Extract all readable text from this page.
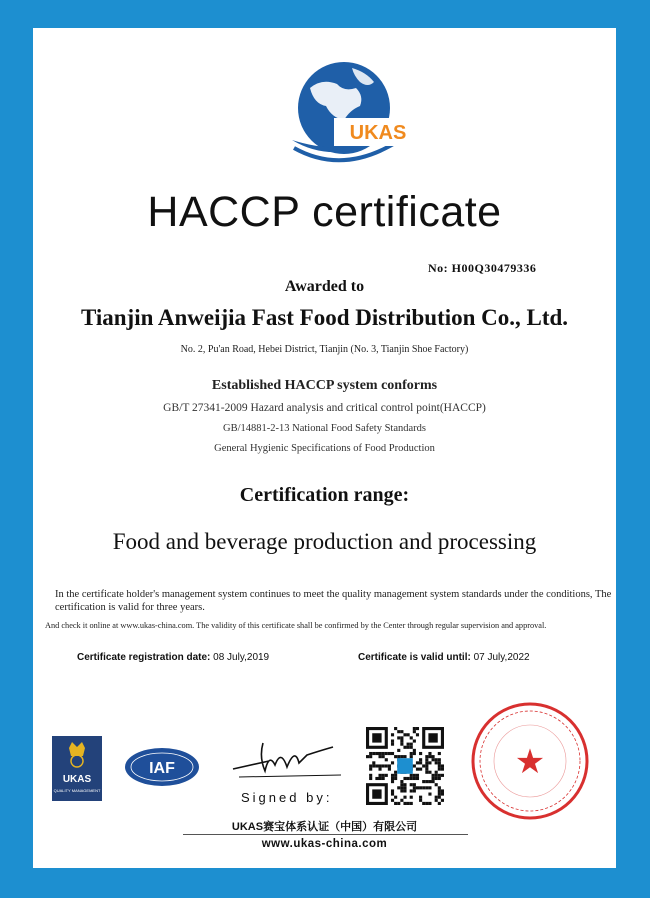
UKAS
HACCP certificate
No: H00Q30479336
Awarded to
Tianjin Anweijia Fast Food Distribution Co., Ltd.
No. 2, Pu'an Road, Hebei District, Tianjin (No. 3, Tianjin Shoe Factory)
Established HACCP system conforms
GB/T 27341-2009 Hazard analysis and critical control point(HACCP)
GB/14881-2-13 National Food Safety Standards
General Hygienic Specifications of Food Production
Certification range:
Food and beverage production and processing
In the certificate holder's management system continues to meet the quality management system standards under the conditions, The certification is valid for three years.
And check it online at www.ukas-china.com. The validity of this certificate shall be confirmed by the Center through regular supervision and approval.
Certificate registration date: 08 July,2019	Certificate is valid until: 07 July,2022
UKAS
QUALITY MANAGEMENT
IAF
Signed by:
★
UKAS赛宝体系认证（中国）有限公司
www.ukas-china.com
